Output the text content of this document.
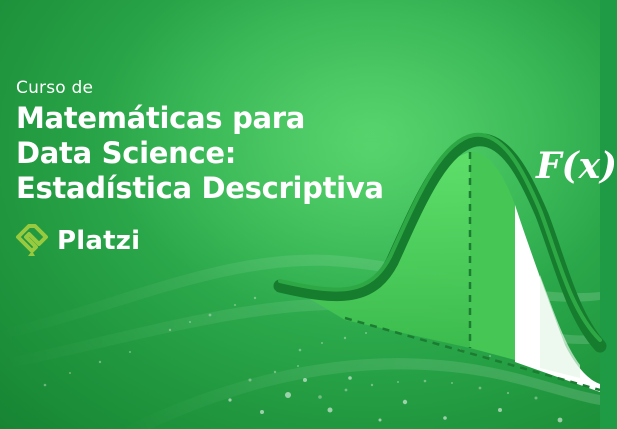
Curso de
Matemáticas para
Data Science:
Estadística Descriptiva
Platzi
F(x)
